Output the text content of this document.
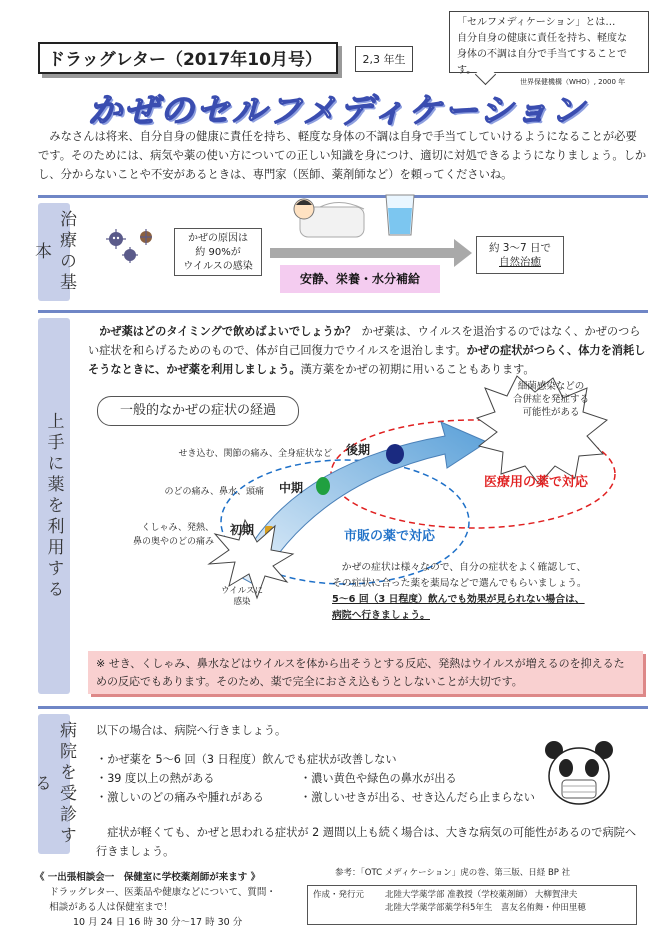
ドラッグレター（2017年10月号）	2,3 年生
「セルフメディケーション」とは…
自分自身の健康に責任を持ち、軽度な
身体の不調は自分で手当てすることです。
世界保健機構（WHO）, 2000 年
かぜのセルフメディケーション
みなさんは将来、自分自身の健康に責任を持ち、軽度な身体の不調は自身で手当てしていけるようになることが必要です。そのためには、病気や薬の使い方についての正しい知識を身につけ、適切に対処できるようになりましょう。しかし、分からないことや不安があるときは、専門家（医師、薬剤師など）を頼ってくださいね。
治療の基本
かぜの原因は
約 90%が
ウイルスの感染
約 3～7 日で
自然治癒
安静、栄養・水分補給
上手に薬を利用する
かぜ薬はどのタイミングで飲めばよいでしょうか？ かぜ薬は、ウイルスを退治するのではなく、かぜのつらい症状を和らげるためのもので、体が自己回復力でウイルスを退治します。かぜの症状がつらく、体力を消耗しそうなときに、かぜ薬を利用しましょう。漢方薬をかぜの初期に用いることもあります。
一般的なかぜの症状の経過
せき込む、関節の痛み、全身症状など
のどの痛み、鼻水、頭痛
くしゃみ、発熱、
鼻の奥やのどの痛み
初期
中期
後期
ウイルスに
感染
市販の薬で対応
医療用の薬で対応
細菌感染などの
合併症を発症する
可能性がある
かぜの症状は様々なので、自分の症状をよく確認して、
その症状に合った薬を薬局などで選んでもらいましょう。
5～6 回（3 日程度）飲んでも効果が見られない場合は、
病院へ行きましょう。
※ せき、くしゃみ、鼻水などはウイルスを体から出そうとする反応、発熱はウイルスが増えるのを抑えるための反応でもあります。そのため、薬で完全におさえ込もうとしないことが大切です。
病院を受診する
以下の場合は、病院へ行きましょう。
・かぜ薬を 5～6 回（3 日程度）飲んでも症状が改善しない
・39 度以上の熱がある	・濃い黄色や緑色の鼻水が出る
・激しいのどの痛みや腫れがある	・激しいせきが出る、せき込んだら止まらない
症状が軽くても、かぜと思われる症状が 2 週間以上も続く場合は、大きな病気の可能性があるので病院へ行きましょう。
参考：「OTC メディケーション」虎の巻、第三版、日経 BP 社
《 一出張相談会一　保健室に学校薬剤師が来ます 》
ドラッグレター、医薬品や健康などについて、質問・相談がある人は保健室まで！
10 月 24 日 16 時 30 分～17 時 30 分
作成・発行元	北陸大学薬学部 准教授（学校薬剤師） 大柳賀津夫
北陸大学薬学部薬学科5年生　喜友名侑舞・仲田里穂
